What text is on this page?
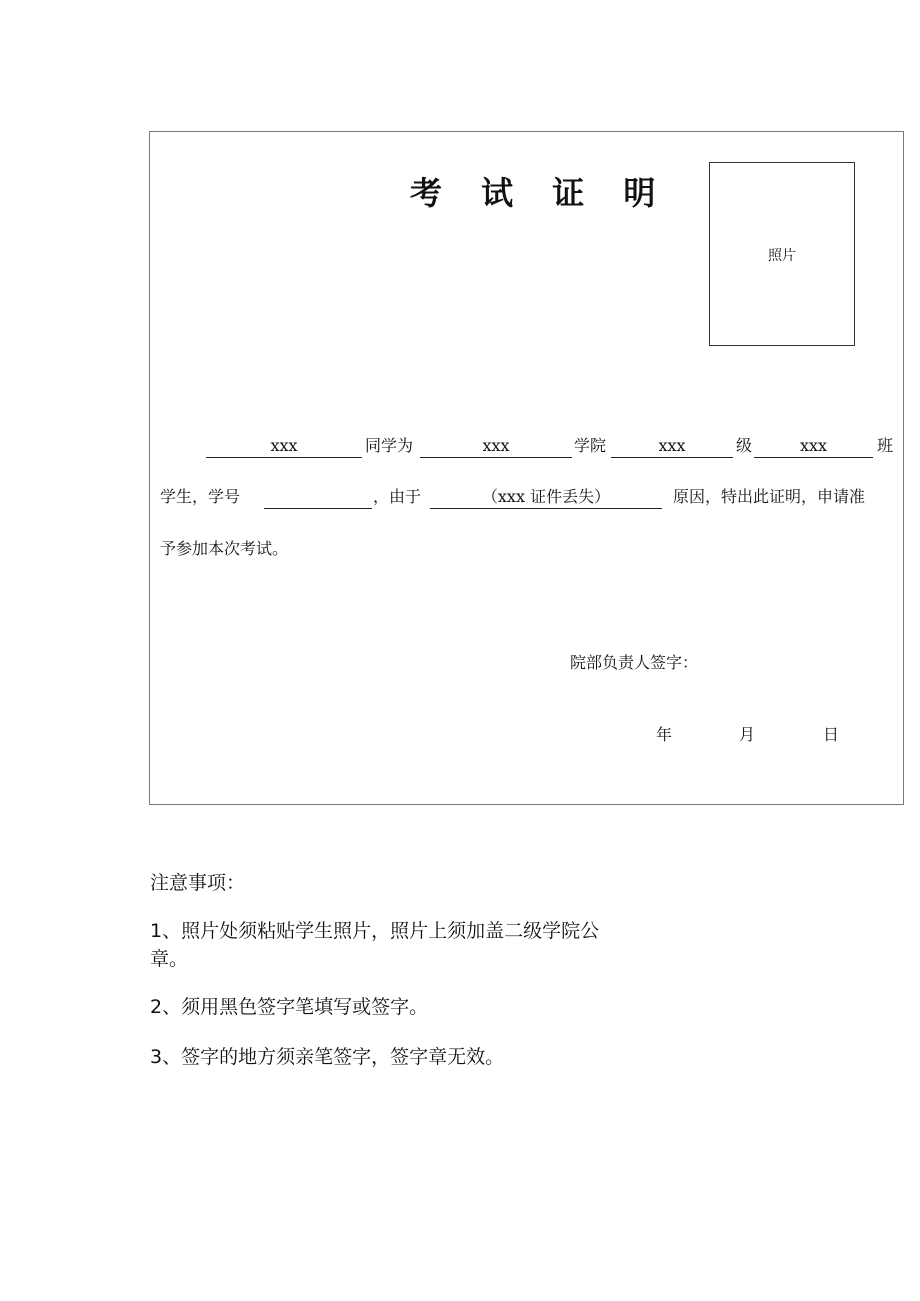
考 试 证 明
照片
xxx	同学为	xxx	学院	xxx	级	xxx	班
学生，学号	，由于	（xxx 证件丢失）	原因，特出此证明，申请准
予参加本次考试。
院部负责人签字：
年	月	日
注意事项：
1、照片处须粘贴学生照片，照片上须加盖二级学院公
章。
2、须用黑色签字笔填写或签字。
3、签字的地方须亲笔签字，签字章无效。
